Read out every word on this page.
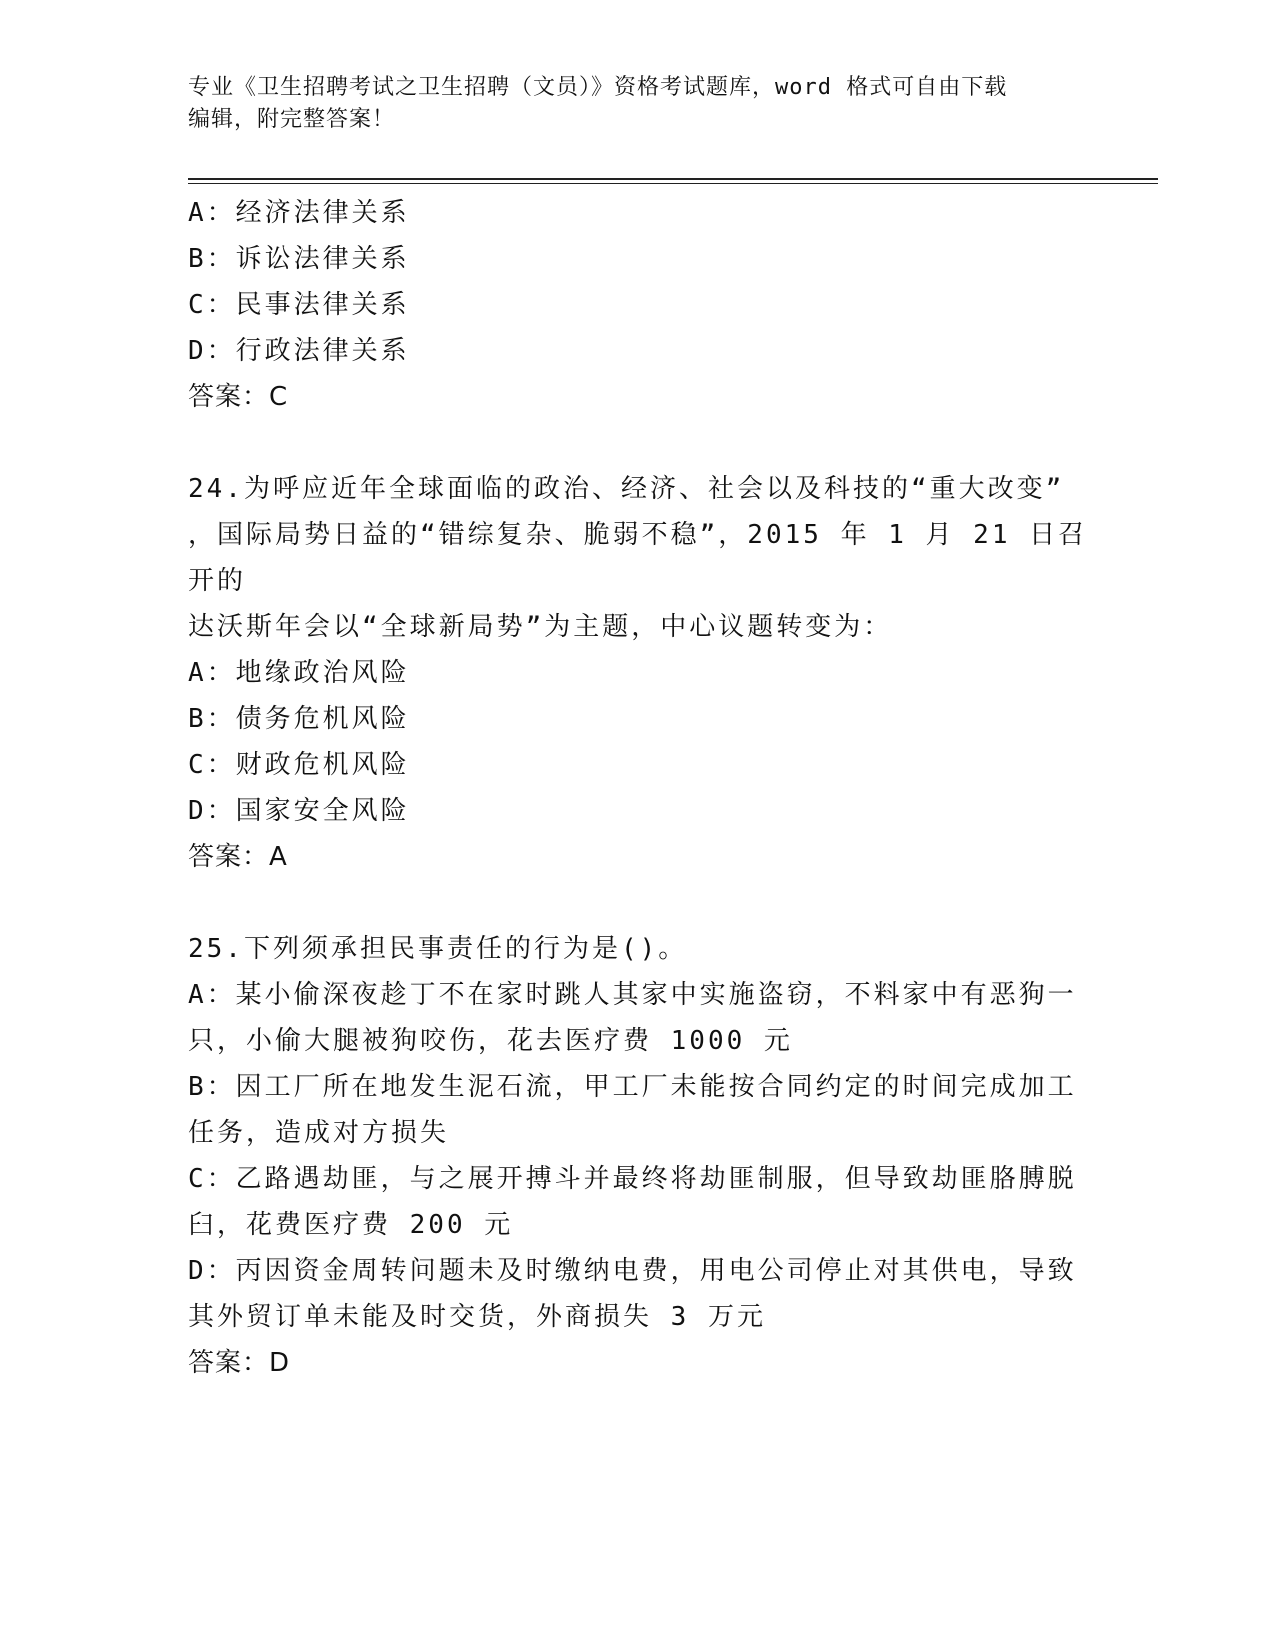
专业《卫生招聘考试之卫生招聘（文员）》资格考试题库，word 格式可自由下载
编辑，附完整答案！
A：经济法律关系
B：诉讼法律关系
C：民事法律关系
D：行政法律关系
答案：C
24.为呼应近年全球面临的政治、经济、社会以及科技的“重大改变”
，国际局势日益的“错综复杂、脆弱不稳”，2015 年 1 月 21 日召开的
达沃斯年会以“全球新局势”为主题，中心议题转变为：
A：地缘政治风险
B：债务危机风险
C：财政危机风险
D：国家安全风险
答案：A
25.下列须承担民事责任的行为是()。
A：某小偷深夜趁丁不在家时跳人其家中实施盗窃，不料家中有恶狗一
只，小偷大腿被狗咬伤，花去医疗费 1000 元
B：因工厂所在地发生泥石流，甲工厂未能按合同约定的时间完成加工
任务，造成对方损失
C：乙路遇劫匪，与之展开搏斗并最终将劫匪制服，但导致劫匪胳膊脱
臼，花费医疗费 200 元
D：丙因资金周转问题未及时缴纳电费，用电公司停止对其供电，导致
其外贸订单未能及时交货，外商损失 3 万元
答案：D
